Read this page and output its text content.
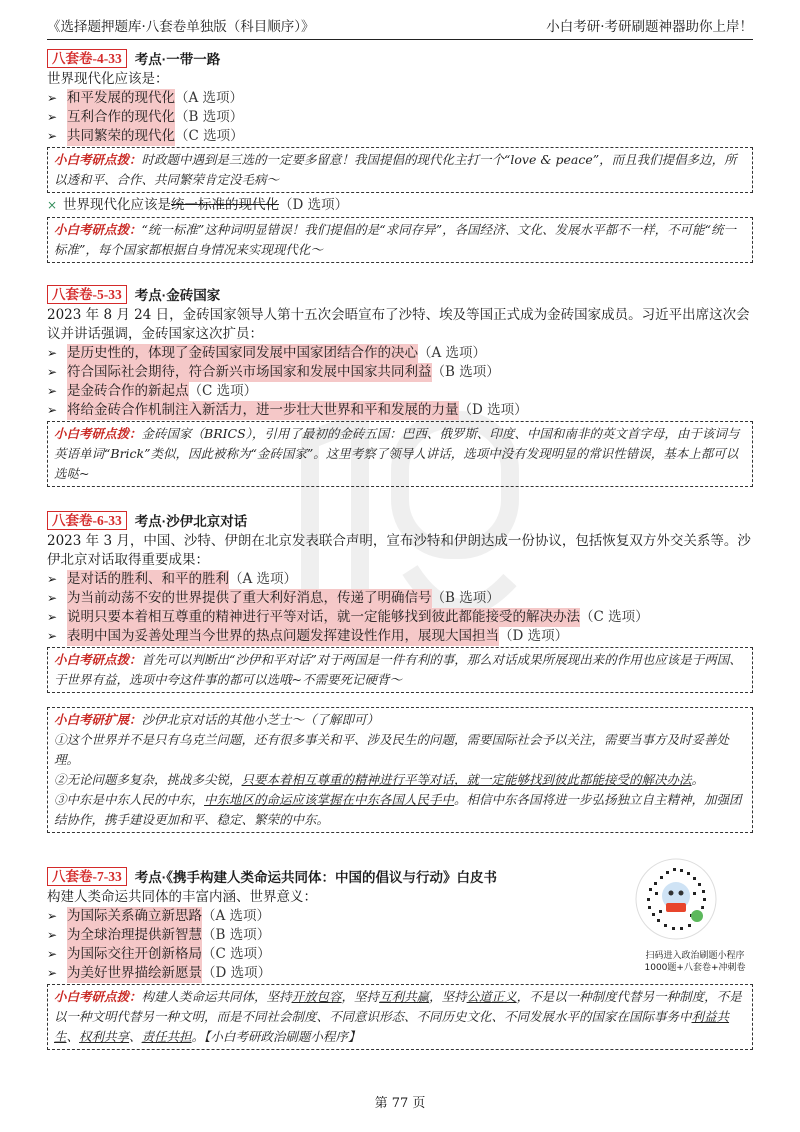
《选择题押题库·八套卷单独版（科目顺序）》	小白考研·考研刷题神器助你上岸！
八套卷-4-33 考点·一带一路
世界现代化应该是：
➢ 和平发展的现代化 （A 选项）
➢ 互利合作的现代化 （B 选项）
➢ 共同繁荣的现代化 （C 选项）
小白考研点拨：时政题中遇到是三选的一定要多留意！我国提倡的现代化主打一个“love & peace”，而且我们提倡多边，所以透和平、合作、共同繁荣肯定没毛病～
× 世界现代化应该是 统一标准的现代化 （D 选项）
小白考研点拨：“统一标准”这种词明显错误！我们提倡的是“求同存异”，各国经济、文化、发展水平都不一样，不可能“统一标准”，每个国家都根据自身情况来实现现代化～
八套卷-5-33 考点·金砖国家
2023 年 8 月 24 日，金砖国家领导人第十五次会晤宣布了沙特、埃及等国正式成为金砖国家成员。习近平出席这次会议并讲话强调，金砖国家这次扩员：
➢ 是历史性的，体现了金砖国家同发展中国家团结合作的决心 （A 选项）
➢ 符合国际社会期待，符合新兴市场国家和发展中国家共同利益 （B 选项）
➢ 是金砖合作的新起点 （C 选项）
➢ 将给金砖合作机制注入新活力，进一步壮大世界和平和发展的力量 （D 选项）
小白考研点拨：金砖国家（BRICS），引用了最初的金砖五国：巴西、俄罗斯、印度、中国和南非的英文首字母，由于该词与英语单词“Brick”类似，因此被称为“金砖国家”。这里考察了领导人讲话，选项中没有发现明显的常识性错误，基本上都可以选哒~
八套卷-6-33 考点·沙伊北京对话
2023 年 3 月，中国、沙特、伊朗在北京发表联合声明，宣布沙特和伊朗达成一份协议，包括恢复双方外交关系等。沙伊北京对话取得重要成果：
➢ 是对话的胜利、和平的胜利 （A 选项）
➢ 为当前动荡不安的世界提供了重大利好消息，传递了明确信号 （B 选项）
➢ 说明只要本着相互尊重的精神进行平等对话，就一定能够找到彼此都能接受的解决办法 （C 选项）
➢ 表明中国为妥善处理当今世界的热点问题发挥建设性作用，展现大国担当 （D 选项）
小白考研点拨：首先可以判断出“沙伊和平对话”对于两国是一件有利的事，那么对话成果所展现出来的作用也应该是于两国、于世界有益，选项中夸这件事的都可以选哦~不需要死记硬背～
小白考研扩展：沙伊北京对话的其他小芝士～（了解即可）
①这个世界并不是只有乌克兰问题，还有很多事关和平、涉及民生的问题，需要国际社会予以关注，需要当事方及时妥善处理。
②无论问题多复杂，挑战多尖锐，只要本着相互尊重的精神进行平等对话，就一定能够找到彼此都能接受的解决办法。
③中东是中东人民的中东，中东地区的命运应该掌握在中东各国人民手中。相信中东各国将进一步弘扬独立自主精神，加强团结协作，携手建设更加和平、稳定、繁荣的中东。
八套卷-7-33 考点·《携手构建人类命运共同体：中国的倡议与行动》白皮书
构建人类命运共同体的丰富内涵、世界意义：
➢ 为国际关系确立新思路 （A 选项）
➢ 为全球治理提供新智慧 （B 选项）
➢ 为国际交往开创新格局 （C 选项）
➢ 为美好世界描绘新愿景 （D 选项）
小白考研点拨：构建人类命运共同体，坚持开放包容，坚持互利共赢，坚持公道正义，不是以一种制度代替另一种制度，不是以一种文明代替另一种文明，而是不同社会制度、不同意识形态、不同历史文化、不同发展水平的国家在国际事务中利益共生、权利共享、责任共担。【小白考研政治刷题小程序】
题库
扫码进入政治刷题小程序
1000题+八套卷+冲刺卷
第 77 页
